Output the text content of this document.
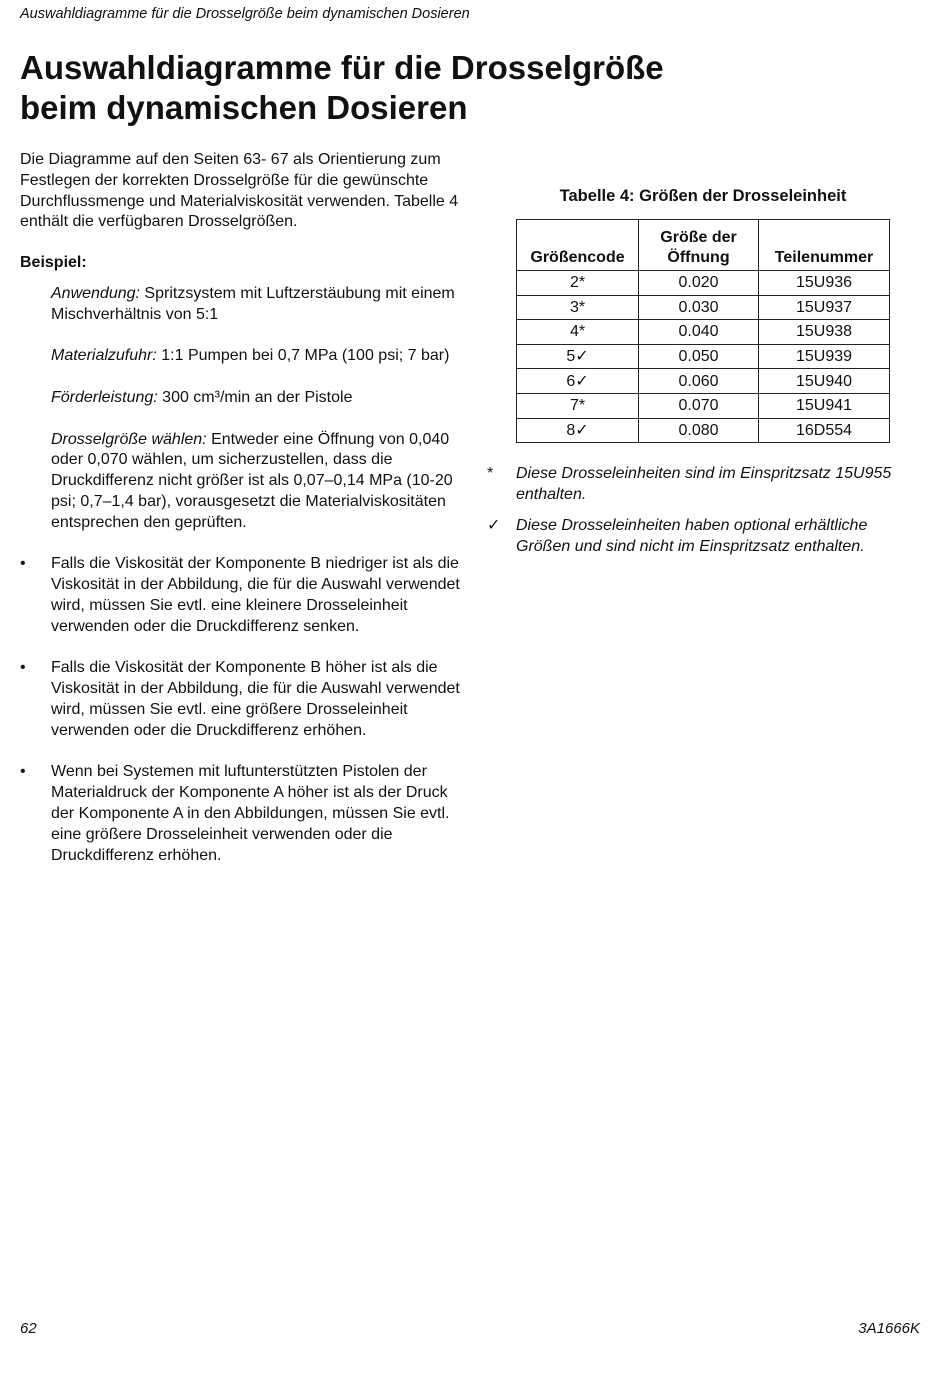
Auswahldiagramme für die Drosselgröße beim dynamischen Dosieren
Auswahldiagramme für die Drosselgröße
beim dynamischen Dosieren

Die Diagramme auf den Seiten 63- 67 als Orientierung zum Festlegen der korrekten Drosselgröße für die gewünschte Durchflussmenge und Materialviskosität verwenden. Tabelle 4 enthält die verfügbaren Drosselgrößen.

Beispiel:

Anwendung: Spritzsystem mit Luftzerstäubung mit einem Mischverhältnis von 5:1

Materialzufuhr: 1:1 Pumpen bei 0,7 MPa (100 psi; 7 bar)

Förderleistung: 300 cm³/min an der Pistole

Drosselgröße wählen: Entweder eine Öffnung von 0,040 oder 0,070 wählen, um sicherzustellen, dass die Druckdifferenz nicht größer ist als 0,07–0,14 MPa (10-20 psi; 0,7–1,4 bar), vorausgesetzt die Materialviskositäten entsprechen den geprüften.

• Falls die Viskosität der Komponente B niedriger ist als die Viskosität in der Abbildung, die für die Auswahl verwendet wird, müssen Sie evtl. eine kleinere Drosseleinheit verwenden oder die Druckdifferenz senken.

• Falls die Viskosität der Komponente B höher ist als die Viskosität in der Abbildung, die für die Auswahl verwendet wird, müssen Sie evtl. eine größere Drosseleinheit verwenden oder die Druckdifferenz erhöhen.

• Wenn bei Systemen mit luftunterstützten Pistolen der Materialdruck der Komponente A höher ist als der Druck der Komponente A in den Abbildungen, müssen Sie evtl. eine größere Drosseleinheit verwenden oder die Druckdifferenz erhöhen.

Tabelle 4: Größen der Drosseleinheit

Größencode	Größe der Öffnung	Teilenummer
2*	0.020	15U936
3*	0.030	15U937
4*	0.040	15U938
5✓	0.050	15U939
6✓	0.060	15U940
7*	0.070	15U941
8✓	0.080	16D554
* Diese Drosseleinheiten sind im Einspritzsatz 15U955 enthalten.
✓ Diese Drosseleinheiten haben optional erhältliche Größen und sind nicht im Einspritzsatz enthalten.
62	3A1666K
